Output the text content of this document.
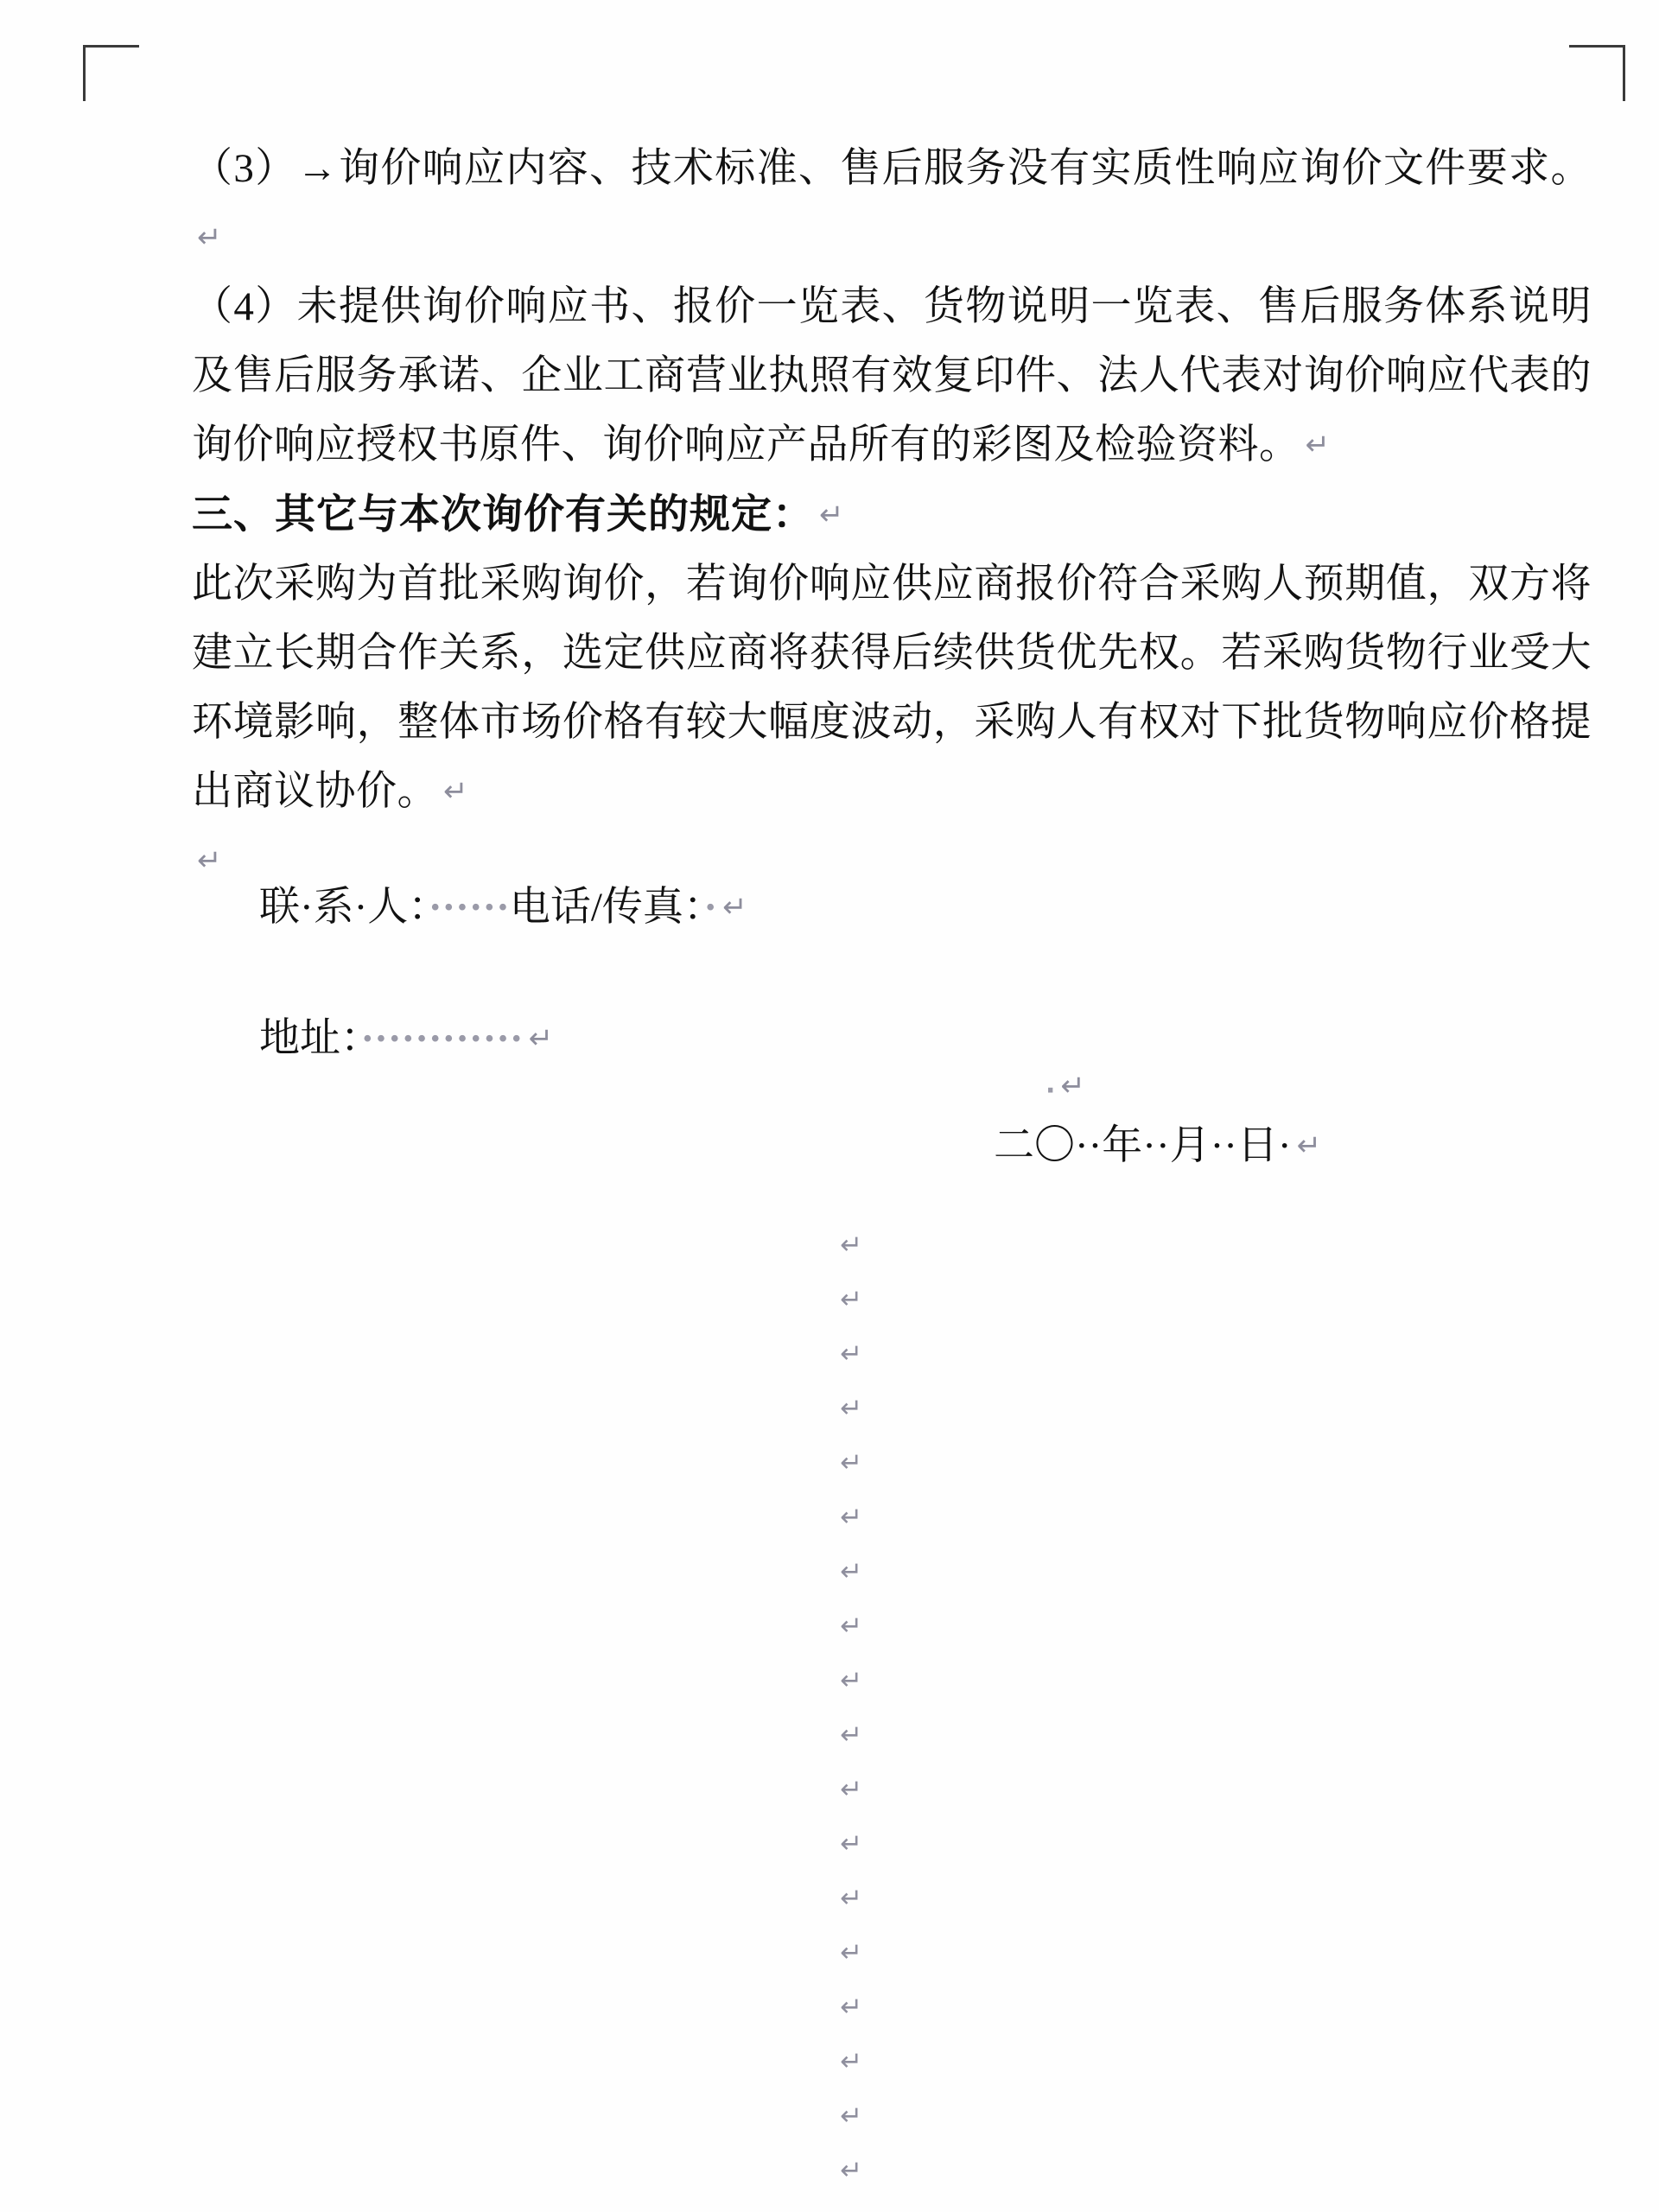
（3）→询价响应内容、技术标准、售后服务没有实质性响应询价文件要求。↵

（4）未提供询价响应书、报价一览表、货物说明一览表、售后服务体系说明及售后服务承诺、企业工商营业执照有效复印件、法人代表对询价响应代表的询价响应授权书原件、询价响应产品所有的彩图及检验资料。 ↵

三、其它与本次询价有关的规定： ↵

此次采购为首批采购询价，若询价响应供应商报价符合采购人预期值，双方将建立长期合作关系，选定供应商将获得后续供货优先权。若采购货物行业受大环境影响，整体市场价格有较大幅度波动，采购人有权对下批货物响应价格提出商议协价。 ↵

↵

联·系·人：······电话/传真：· ↵

地址：············ ↵

· ↵

二〇··年··月··日· ↵

↵
↵
↵
↵
↵
↵
↵
↵
↵
↵
↵
↵
↵
↵
↵
↵
↵
↵
